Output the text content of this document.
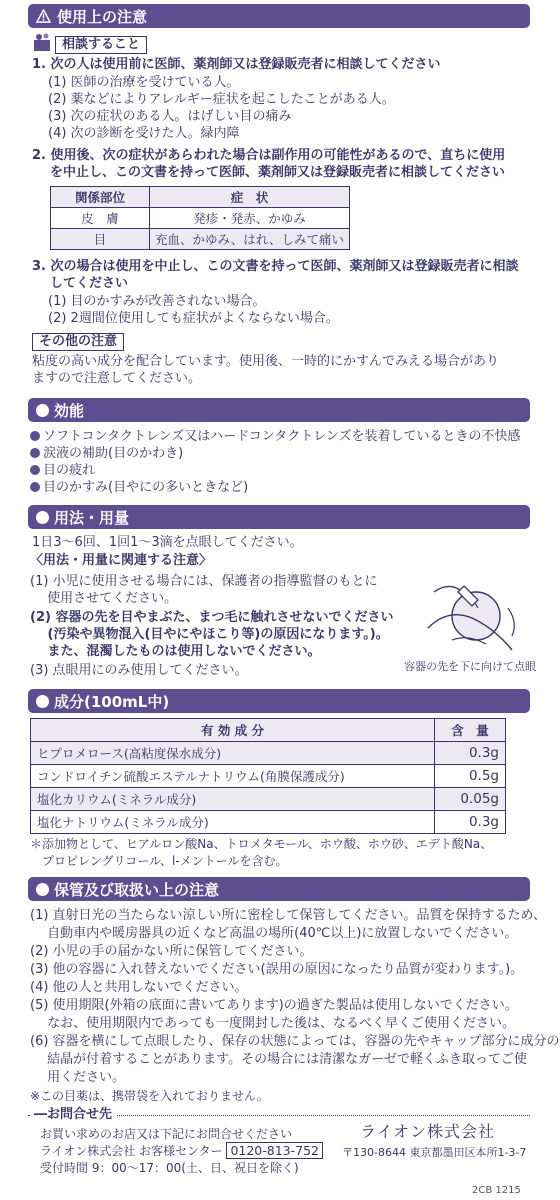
使用上の注意
相談すること
1. 次の人は使用前に医師、薬剤師又は登録販売者に相談してください
(1) 医師の治療を受けている人。
(2) 薬などによりアレルギー症状を起こしたことがある人。
(3) 次の症状のある人。はげしい目の痛み
(4) 次の診断を受けた人。緑内障
2. 使用後、次の症状があらわれた場合は副作用の可能性があるので、直ちに使用
を中止し、この文書を持って医師、薬剤師又は登録販売者に相談してください
関係部位	症　状
皮　膚	発疹・発赤、かゆみ
目	充血、かゆみ、はれ、しみて痛い
3. 次の場合は使用を中止し、この文書を持って医師、薬剤師又は登録販売者に相談
してください
(1) 目のかすみが改善されない場合。
(2) 2週間位使用しても症状がよくならない場合。
その他の注意
粘度の高い成分を配合しています。使用後、一時的にかすんでみえる場合があり
ますので注意してください。
効能
ソフトコンタクトレンズ又はハードコンタクトレンズを装着しているときの不快感
涙液の補助(目のかわき)
目の疲れ
目のかすみ(目やにの多いときなど)
用法・用量
1日3～6回、1回1～3滴を点眼してください。
〈用法・用量に関連する注意〉
(1) 小児に使用させる場合には、保護者の指導監督のもとに
　 使用させてください。
(2) 容器の先を目やまぶた、まつ毛に触れさせないでください
　 (汚染や異物混入(目やにやほこり等)の原因になります。)。
　 また、混濁したものは使用しないでください。
(3) 点眼用にのみ使用してください。	容器の先を下に向けて点眼
成分(100mL中)
有 効 成 分	含　量
ヒプロメロース(高粘度保水成分)	0.3g
コンドロイチン硫酸エステルナトリウム(角膜保護成分)	0.5g
塩化カリウム(ミネラル成分)	0.05g
塩化ナトリウム(ミネラル成分)	0.3g
＊添加物として、ヒアルロン酸Na、トロメタモール、ホウ酸、ホウ砂、エデト酸Na、
プロピレングリコール、l-メントールを含む。
保管及び取扱い上の注意
(1) 直射日光の当たらない涼しい所に密栓して保管してください。品質を保持するため、
　 自動車内や暖房器具の近くなど高温の場所(40℃以上)に放置しないでください。
(2) 小児の手の届かない所に保管してください。
(3) 他の容器に入れ替えないでください(誤用の原因になったり品質が変わります。)。
(4) 他の人と共用しないでください。
(5) 使用期限(外箱の底面に書いてあります)の過ぎた製品は使用しないでください。
　 なお、使用期限内であっても一度開封した後は、なるべく早くご使用ください。
(6) 容器を横にして点眼したり、保存の状態によっては、容器の先やキャップ部分に成分の
　 結晶が付着することがあります。その場合には清潔なガーゼで軽くふき取ってご使
　 用ください。
※この目薬は、携帯袋を入れておりません。
―お問合せ先
お買い求めのお店又は下記にお問合せください
ライオン株式会社 お客様センター 0120-813-752
受付時間 9：00～17：00(土、日、祝日を除く)
ライオン株式会社
〒130-8644 東京都墨田区本所1-3-7
2CB 1215
